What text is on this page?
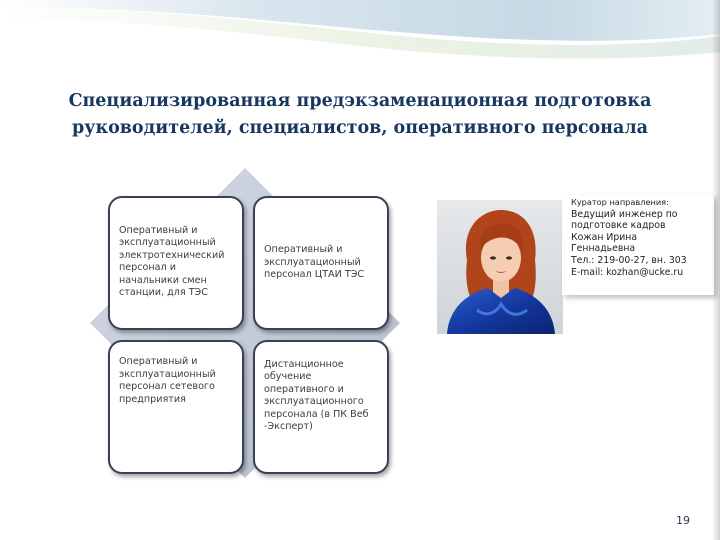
Специализированная предэкзаменационная подготовка
руководителей, специалистов, оперативного персонала
Оперативный и
эксплуатационный
электротехнический
персонал и
начальники смен
станции, для ТЭС
Оперативный и
эксплуатационный
персонал ЦТАИ ТЭС
Оперативный и
эксплуатационный
персонал сетевого
предприятия
Дистанционное
обучение
оперативного и
эксплуатационного
персонала (в ПК Веб
-Эксперт)
Куратор направления:
Ведущий инженер по
подготовке кадров
Кожан Ирина
Геннадьевна
Тел.: 219-00-27, вн. 303
E-mail: kozhan@ucke.ru
19
